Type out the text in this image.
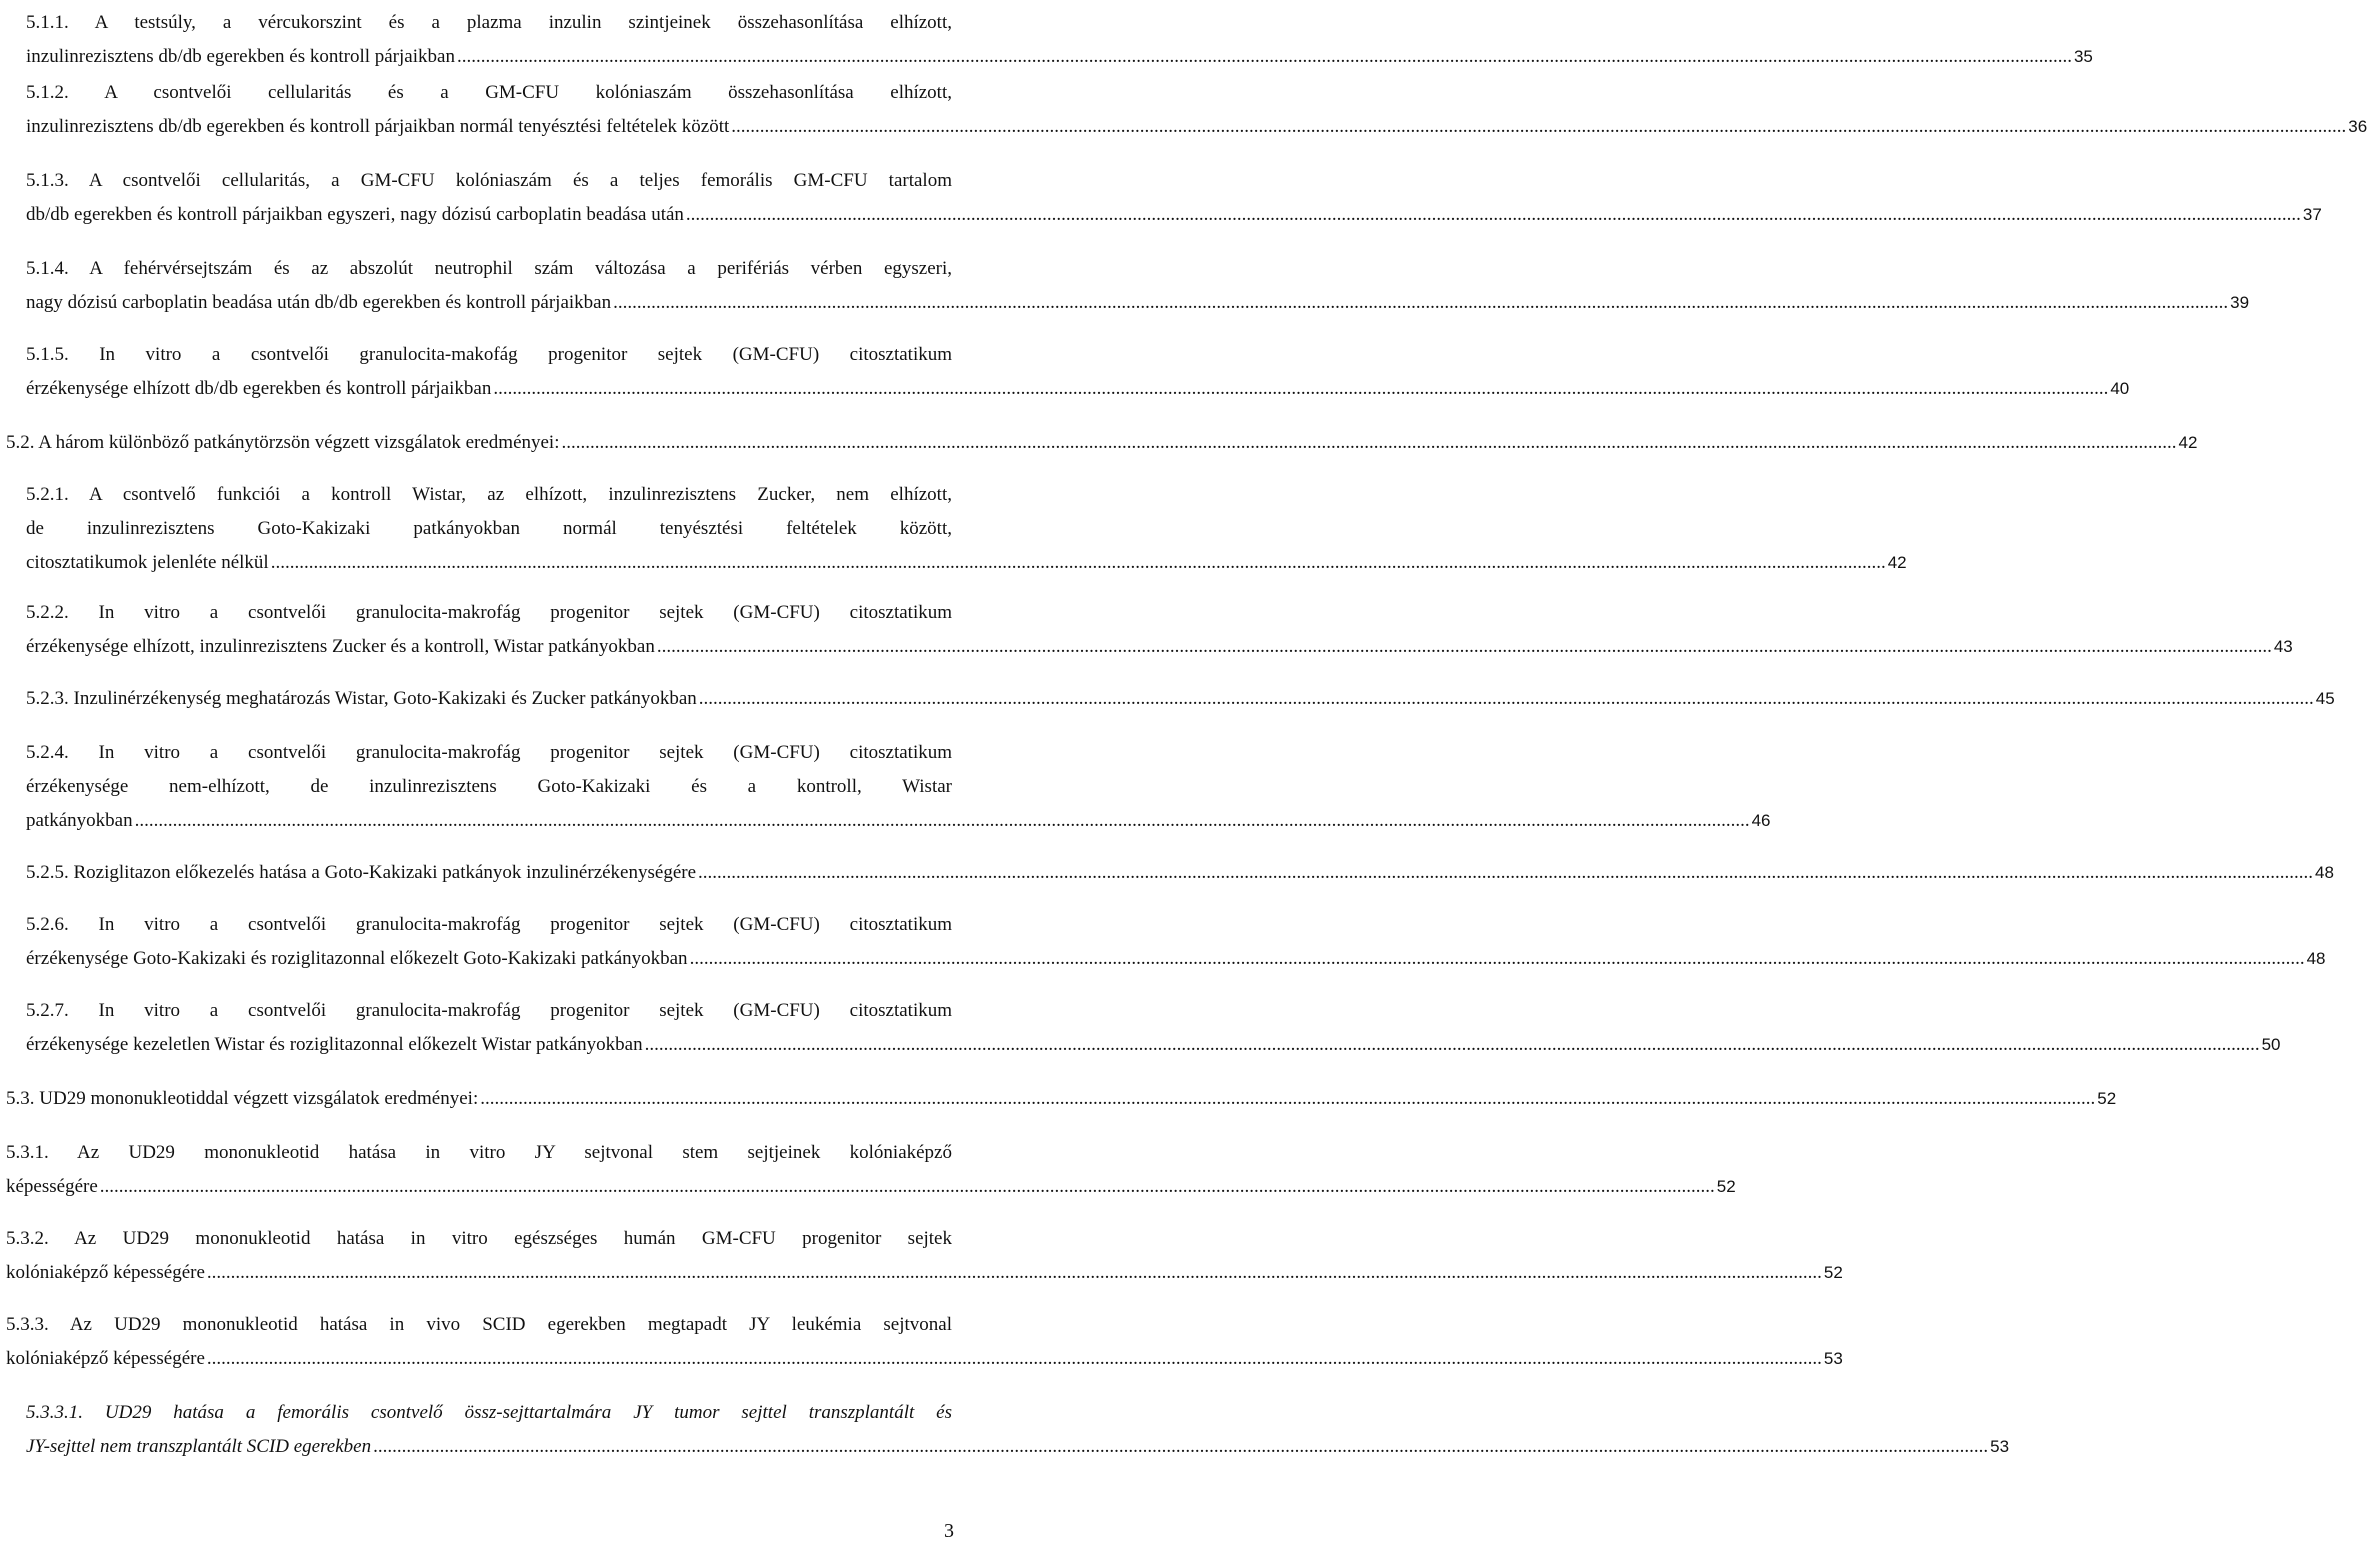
5.1.1. A testsúly, a vércukorszint és a plazma inzulin szintjeinek összehasonlítása elhízott,
inzulinrezisztens db/db egerekben és kontroll párjaikban .....	35
5.1.2. A csontvelői cellularitás és a GM-CFU kolóniaszám összehasonlítása elhízott,
inzulinrezisztens db/db egerekben és kontroll párjaikban normál tenyésztési feltételek között .....	36
5.1.3. A csontvelői cellularitás, a GM-CFU kolóniaszám és a teljes femorális GM-CFU tartalom
db/db egerekben és kontroll párjaikban egyszeri, nagy dózisú carboplatin beadása után .....	37
5.1.4. A fehérvérsejtszám és az abszolút neutrophil szám változása a perifériás vérben egyszeri,
nagy dózisú carboplatin beadása után db/db egerekben és kontroll párjaikban .....	39
5.1.5. In vitro a csontvelői granulocita-makofág progenitor sejtek (GM-CFU) citosztatikum
érzékenysége elhízott db/db egerekben és kontroll párjaikban .....	40
5.2. A három különböző patkánytörzsön végzett vizsgálatok eredményei: .....	42
5.2.1. A csontvelő funkciói a kontroll Wistar, az elhízott, inzulinrezisztens Zucker, nem elhízott,
de inzulinrezisztens Goto-Kakizaki patkányokban normál tenyésztési feltételek között,
citosztatikumok jelenléte nélkül .....	42
5.2.2. In vitro a csontvelői granulocita-makrofág progenitor sejtek (GM-CFU) citosztatikum
érzékenysége elhízott, inzulinrezisztens Zucker és a kontroll, Wistar patkányokban .....	43
5.2.3. Inzulinérzékenység meghatározás Wistar, Goto-Kakizaki és Zucker patkányokban .....	45
5.2.4. In vitro a csontvelői granulocita-makrofág progenitor sejtek (GM-CFU) citosztatikum
érzékenysége nem-elhízott, de inzulinrezisztens Goto-Kakizaki és a kontroll, Wistar
patkányokban .....	46
5.2.5. Roziglitazon előkezelés hatása a Goto-Kakizaki patkányok inzulinérzékenységére .....	48
5.2.6. In vitro a csontvelői granulocita-makrofág progenitor sejtek (GM-CFU) citosztatikum
érzékenysége Goto-Kakizaki és roziglitazonnal előkezelt Goto-Kakizaki patkányokban .....	48
5.2.7. In vitro a csontvelői granulocita-makrofág progenitor sejtek (GM-CFU) citosztatikum
érzékenysége kezeletlen Wistar és roziglitazonnal előkezelt Wistar patkányokban .....	50
5.3. UD29 mononukleotiddal végzett vizsgálatok eredményei: .....	52
5.3.1. Az UD29 mononukleotid hatása in vitro JY sejtvonal stem sejtjeinek kolóniaképző
képességére .....	52
5.3.2. Az UD29 mononukleotid hatása in vitro egészséges humán GM-CFU progenitor sejtek
kolóniaképző képességére .....	52
5.3.3. Az UD29 mononukleotid hatása in vivo SCID egerekben megtapadt JY leukémia sejtvonal
kolóniaképző képességére .....	53
5.3.3.1. UD29 hatása a femorális csontvelő össz-sejttartalmára JY tumor sejttel transzplantált és
JY-sejttel nem transzplantált SCID egerekben .....	53
3
